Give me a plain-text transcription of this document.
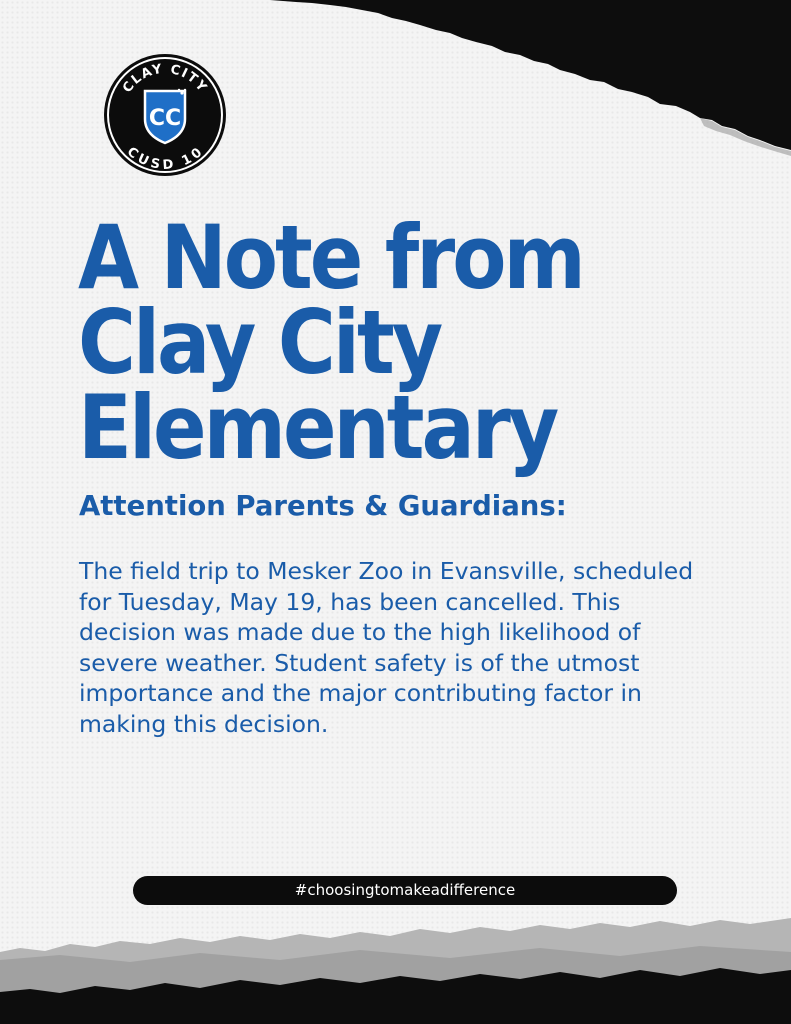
CLAY CITY
CUSD 10
CC
A Note from
Clay City
Elementary
Attention Parents & Guardians:

The field trip to Mesker Zoo in Evansville, scheduled for Tuesday, May 19, has been cancelled. This decision was made due to the high likelihood of severe weather. Student safety is of the utmost importance and the major contributing factor in making this decision.

#choosingtomakeadifference
